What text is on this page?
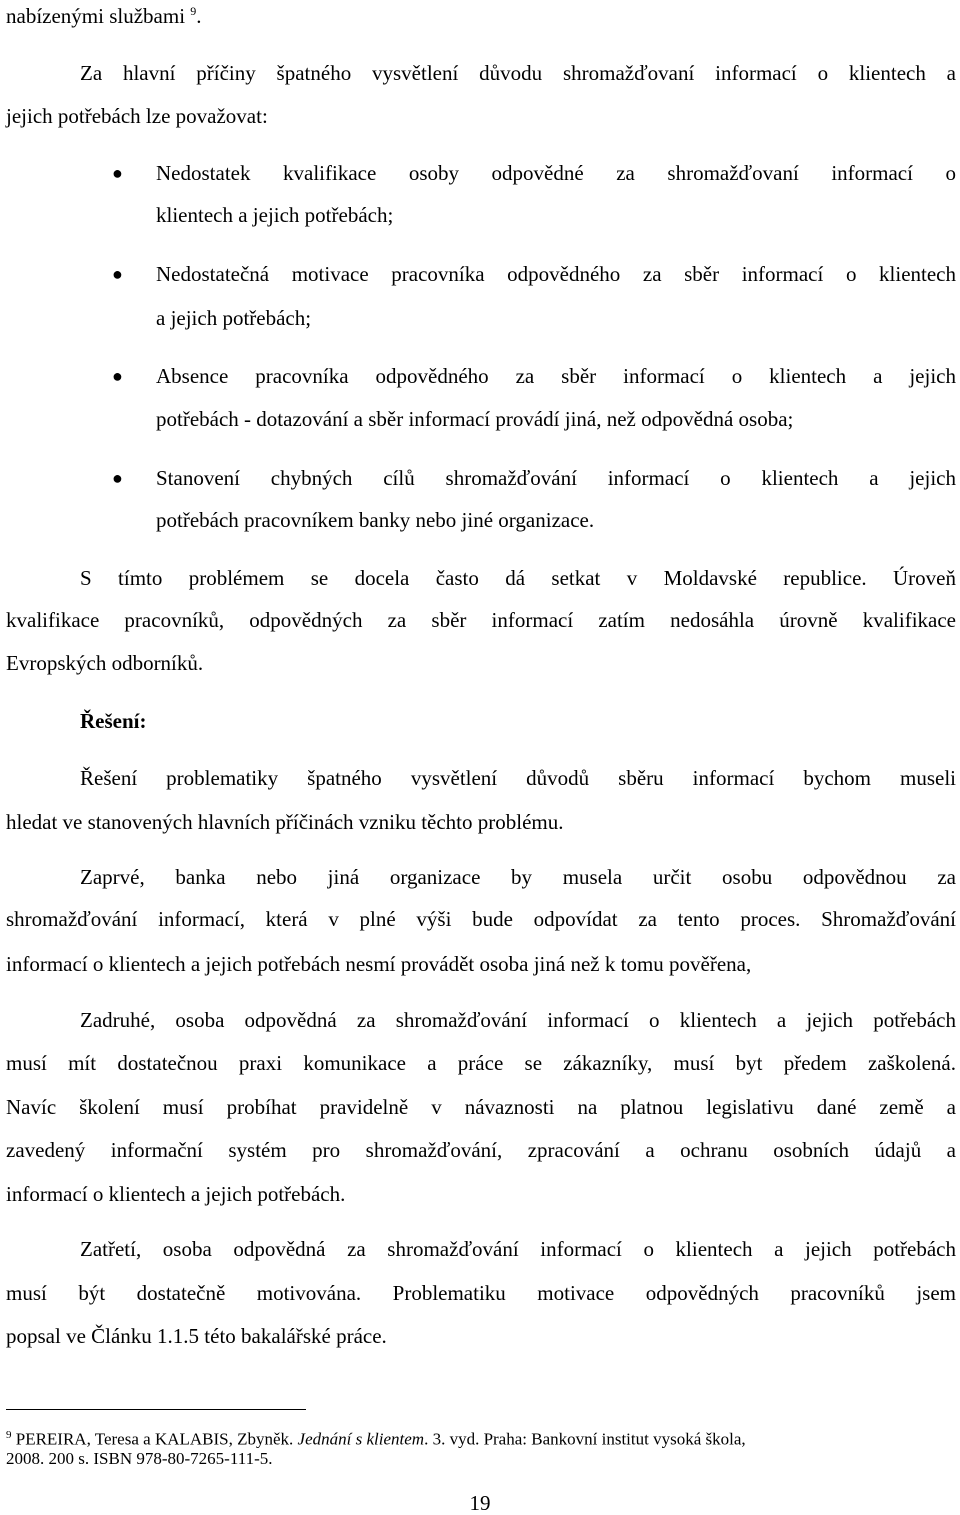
nabízenými službami $^9$.
Za hlavní příčiny špatného vysvětlení důvodu shromažďovaní informací o klientech a
jejich potřebách lze považovat:
● Nedostatek kvalifikace osoby odpovědné za shromažďovaní informací o
klientech a jejich potřebách;
● Nedostatečná motivace pracovníka odpovědného za sběr informací o klientech
a jejich potřebách;
● Absence pracovníka odpovědného za sběr informací o klientech a jejich
potřebách - dotazování a sběr informací provádí jiná, než odpovědná osoba;
● Stanovení chybných cílů shromažďování informací o klientech a jejich
potřebách pracovníkem banky nebo jiné organizace.
S tímto problémem se docela často dá setkat v Moldavské republice. Úroveň
kvalifikace pracovníků, odpovědných za sběr informací zatím nedosáhla úrovně kvalifikace
Evropských odborníků.
Řešení:
Řešení problematiky špatného vysvětlení důvodů sběru informací bychom museli
hledat ve stanovených hlavních příčinách vzniku těchto problému.
Zaprvé, banka nebo jiná organizace by musela určit osobu odpovědnou za
shromažďování informací, která v plné výši bude odpovídat za tento proces. Shromažďování
informací o klientech a jejich potřebách nesmí provádět osoba jiná než k tomu pověřena,
Zadruhé, osoba odpovědná za shromažďování informací o klientech a jejich potřebách
musí mít dostatečnou praxi komunikace a práce se zákazníky, musí byt předem zaškolená.
Navíc školení musí probíhat pravidelně v návaznosti na platnou legislativu dané země a
zavedený informační systém pro shromažďování, zpracování a ochranu osobních údajů a
informací o klientech a jejich potřebách.
Zatřetí, osoba odpovědná za shromažďování informací o klientech a jejich potřebách
musí být dostatečně motivována. Problematiku motivace odpovědných pracovníků jsem
popsal ve Článku 1.1.5 této bakalářské práce.
$^9$ PEREIRA, Teresa a KALABIS, Zbyněk. Jednání s klientem. 3. vyd. Praha: Bankovní institut vysoká škola,
2008. 200 s. ISBN 978-80-7265-111-5.
19
